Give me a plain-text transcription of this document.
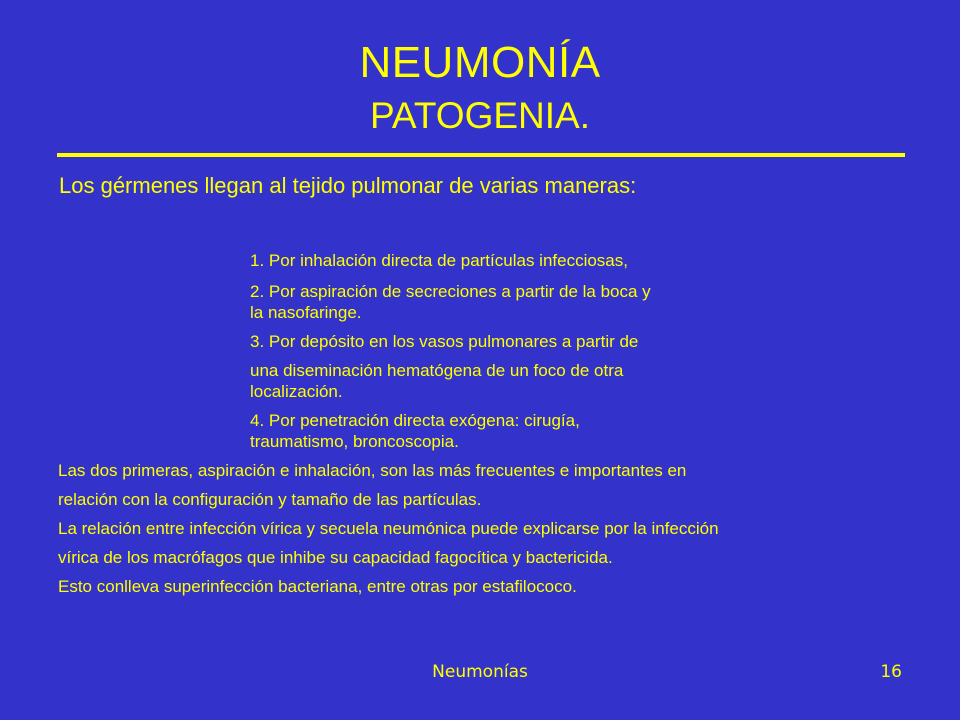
NEUMONÍA
PATOGENIA.
Los gérmenes llegan al tejido pulmonar de varias maneras:
1. Por inhalación directa de partículas infecciosas,
2. Por aspiración de secreciones a partir de la boca y
la nasofaringe.
3. Por depósito en los vasos pulmonares a partir de
una diseminación hematógena de un foco de otra
localización.
4. Por penetración directa exógena: cirugía,
traumatismo, broncoscopia.
Las dos primeras, aspiración e inhalación, son las más frecuentes e importantes en
relación con la configuración y tamaño de las partículas.
La relación entre infección vírica y secuela neumónica puede explicarse por la infección
vírica de los macrófagos que inhibe su capacidad fagocítica y bactericida.
Esto conlleva superinfección bacteriana, entre otras por estafilococo.
Neumonías	16
